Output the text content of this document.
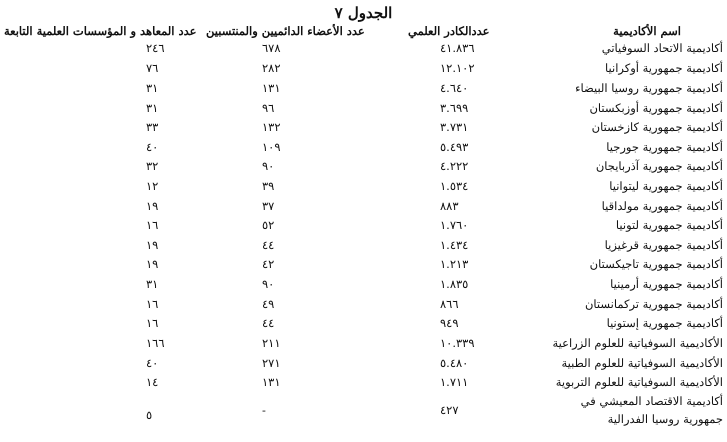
الجدول ٧
اسم الأكاديمية
عددالكادر العلمي
عدد الأعضاء الدائميين والمنتسبين
عدد المعاهد و المؤسسات العلمية التابعة
أكاديمية الاتحاد السوفياتي
٤١.٨٣٦
٦٧٨
٢٤٦
أكاديمية جمهورية أوكرانيا
١٢.١٠٢
٢٨٢
٧٦
أكاديمية جمهورية روسيا البيضاء
٤.٦٤٠
١٣١
٣١
أكاديمية جمهورية أوزبكستان
٣.٦٩٩
٩٦
٣١
أكاديمية جمهورية كازخستان
٣.٧٣١
١٣٢
٣٣
أكاديمية جمهورية جورجيا
٥.٤٩٣
١٠٩
٤٠
أكاديمية جمهورية آذربايجان
٤.٢٢٢
٩٠
٣٢
أكاديمية جمهورية ليتوانيا
١.٥٣٤
٣٩
١٢
أكاديمية جمهورية مولداقيا
٨٨٣
٣٧
١٩
أكاديمية جمهورية لتونيا
١.٧٦٠
٥٢
١٦
أكاديمية جمهورية قرغيزيا
١.٤٣٤
٤٤
١٩
أكاديمية جمهورية تاجيكستان
١.٢١٣
٤٢
١٩
أكاديمية جمهورية أرمينيا
١.٨٣٥
٩٠
٣١
أكاديمية جمهورية تركمانستان
٨٦٦
٤٩
١٦
أكاديمية جمهورية إستونيا
٩٤٩
٤٤
١٦
الأكاديمية السوفياتية للعلوم الزراعية
١٠.٣٣٩
٢١١
١٦٦
الأكاديمية السوفياتية للعلوم الطبية
٥.٤٨٠
٢٧١
٤٠
الأكاديمية السوفياتية للعلوم التربوية
١.٧١١
١٣١
١٤
أكاديمية الاقتصاد المعيشي في جمهورية روسيا الفدرالية
٤٢٧
-
٥
